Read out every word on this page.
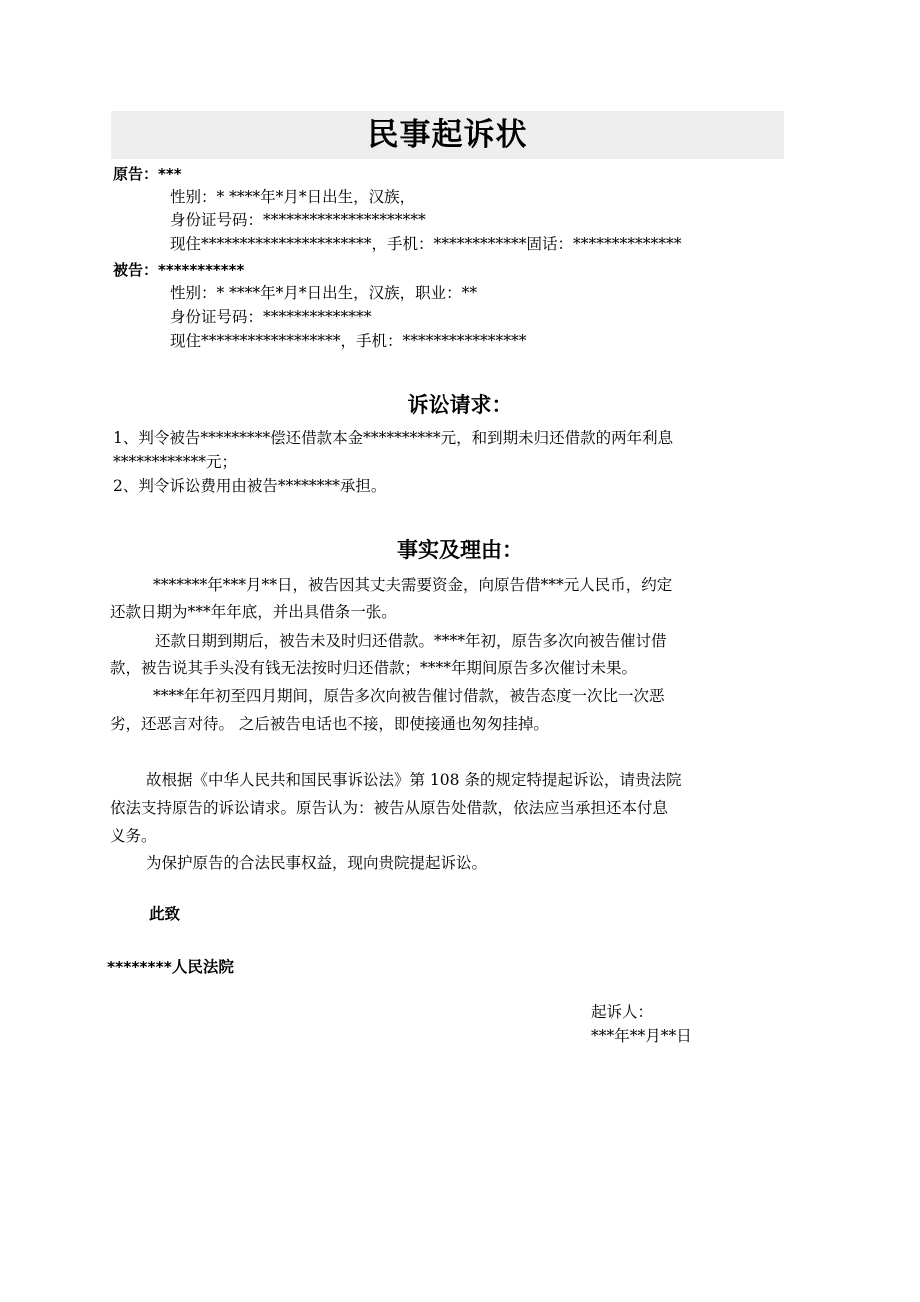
民事起诉状
原告：***
性别：* ****年*月*日出生，汉族，
身份证号码：*********************
现住**********************，手机：************固话：**************
被告：***********
性别：* ****年*月*日出生，汉族，职业：**
身份证号码：**************
现住******************，手机：****************
诉讼请求：
1、判令被告*********偿还借款本金**********元，和到期未归还借款的两年利息
************元；
2、判令诉讼费用由被告********承担。
事实及理由：
*******年***月**日，被告因其丈夫需要资金，向原告借***元人民币，约定
还款日期为***年年底，并出具借条一张。
还款日期到期后，被告未及时归还借款。****年初，原告多次向被告催讨借
款，被告说其手头没有钱无法按时归还借款；****年期间原告多次催讨未果。
****年年初至四月期间，原告多次向被告催讨借款，被告态度一次比一次恶
劣，还恶言对待。 之后被告电话也不接，即使接通也匆匆挂掉。
故根据《中华人民共和国民事诉讼法》第 108 条的规定特提起诉讼，请贵法院
依法支持原告的诉讼请求。原告认为：被告从原告处借款，依法应当承担还本付息
义务。
为保护原告的合法民事权益，现向贵院提起诉讼。
此致
********人民法院
起诉人：
***年**月**日
